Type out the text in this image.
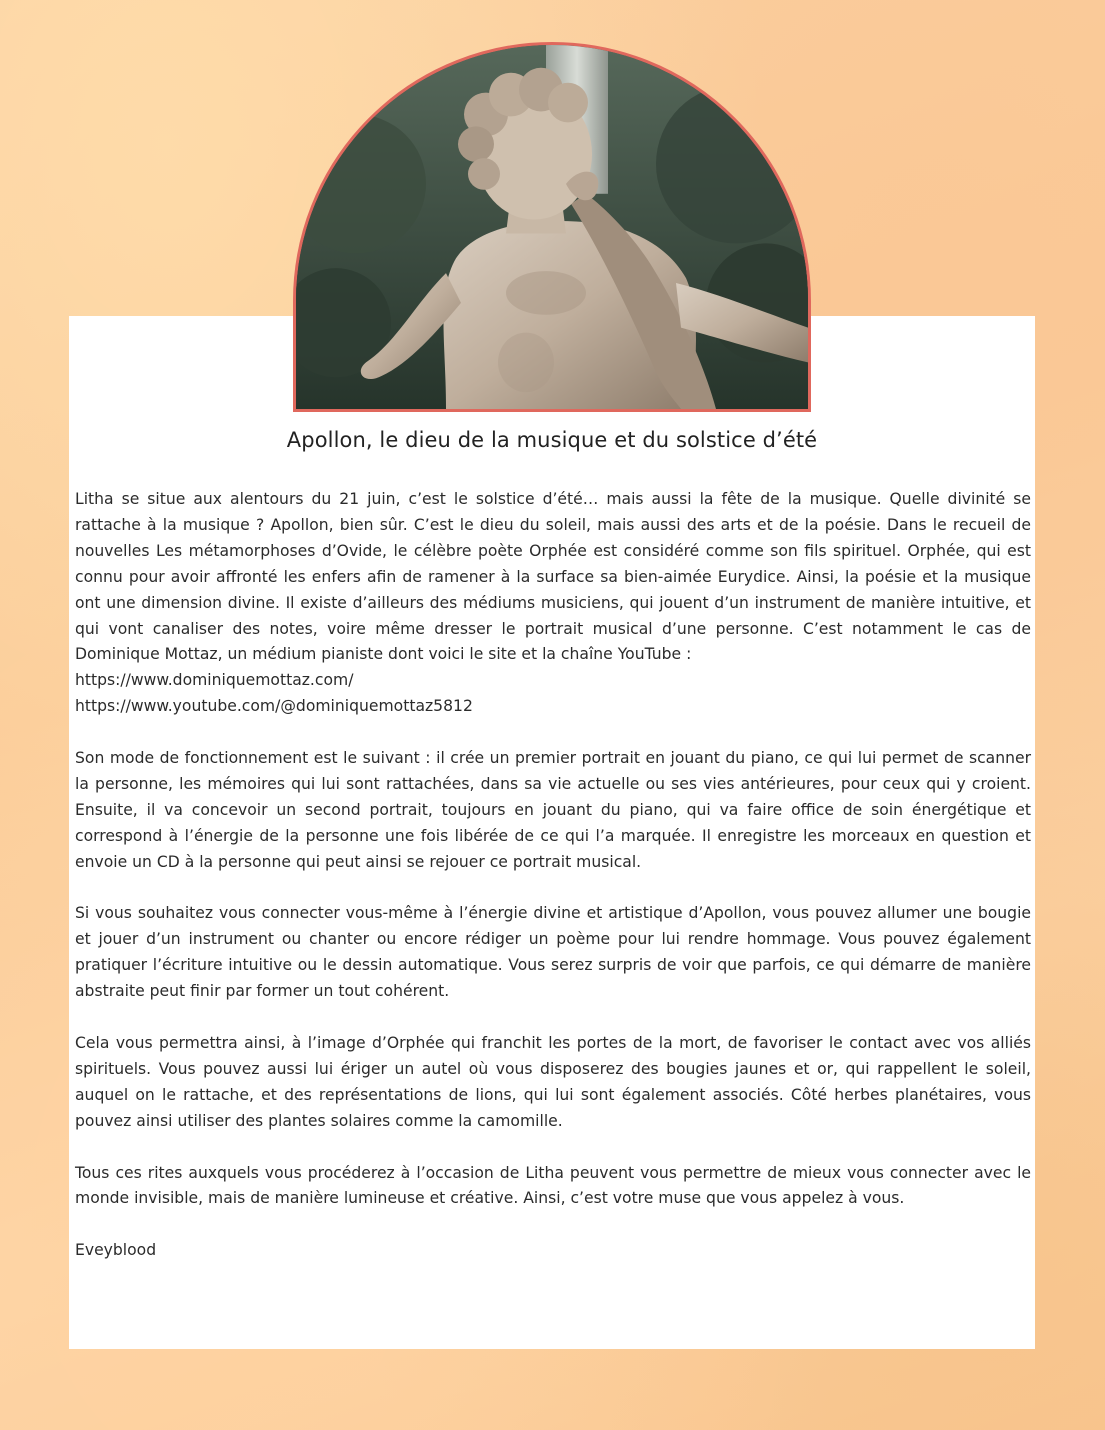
Apollon, le dieu de la musique et du solstice d’été

Litha se situe aux alentours du 21 juin, c’est le solstice d’été… mais aussi la fête de la musique. Quelle divinité se rattache à la musique ? Apollon, bien sûr. C’est le dieu du soleil, mais aussi des arts et de la poésie. Dans le recueil de nouvelles Les métamorphoses d’Ovide, le célèbre poète Orphée est considéré comme son fils spirituel. Orphée, qui est connu pour avoir affronté les enfers afin de ramener à la surface sa bien-aimée Eurydice. Ainsi, la poésie et la musique ont une dimension divine. Il existe d’ailleurs des médiums musiciens, qui jouent d’un instrument de manière intuitive, et qui vont canaliser des notes, voire même dresser le portrait musical d’une personne. C’est notamment le cas de Dominique Mottaz, un médium pianiste dont voici le site et la chaîne YouTube :
https://www.dominiquemottaz.com/
https://www.youtube.com/@dominiquemottaz5812

Son mode de fonctionnement est le suivant : il crée un premier portrait en jouant du piano, ce qui lui permet de scanner la personne, les mémoires qui lui sont rattachées, dans sa vie actuelle ou ses vies antérieures, pour ceux qui y croient. Ensuite, il va concevoir un second portrait, toujours en jouant du piano, qui va faire office de soin énergétique et correspond à l’énergie de la personne une fois libérée de ce qui l’a marquée. Il enregistre les morceaux en question et envoie un CD à la personne qui peut ainsi se rejouer ce portrait musical.

Si vous souhaitez vous connecter vous-même à l’énergie divine et artistique d’Apollon, vous pouvez allumer une bougie et jouer d’un instrument ou chanter ou encore rédiger un poème pour lui rendre hommage. Vous pouvez également pratiquer l’écriture intuitive ou le dessin automatique. Vous serez surpris de voir que parfois, ce qui démarre de manière abstraite peut finir par former un tout cohérent.

Cela vous permettra ainsi, à l’image d’Orphée qui franchit les portes de la mort, de favoriser le contact avec vos alliés spirituels. Vous pouvez aussi lui ériger un autel où vous disposerez des bougies jaunes et or, qui rappellent le soleil, auquel on le rattache, et des représentations de lions, qui lui sont également associés. Côté herbes planétaires, vous pouvez ainsi utiliser des plantes solaires comme la camomille.

Tous ces rites auxquels vous procéderez à l’occasion de Litha peuvent vous permettre de mieux vous connecter avec le monde invisible, mais de manière lumineuse et créative. Ainsi, c’est votre muse que vous appelez à vous.

Eveyblood
